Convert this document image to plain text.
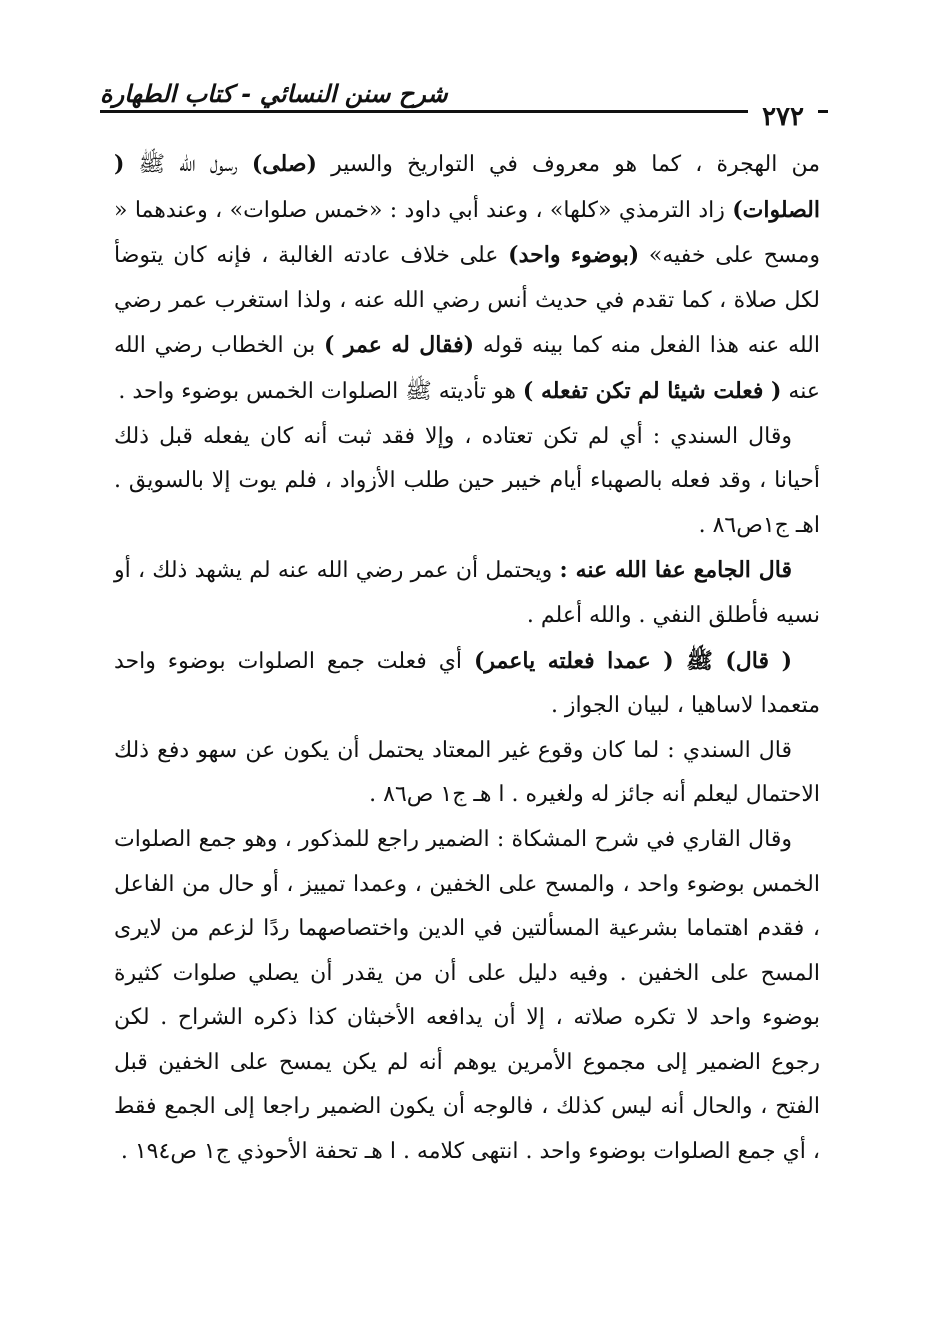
شرح سنن النسائي - كتاب الطهارة
٢٧٢

من الهجرة ، كما هو معروف في التواريخ والسير (صلى) رسول الله ﷺ ( الصلوات) زاد الترمذي «كلها» ، وعند أبي داود : «خمس صلوات» ، وعندهما « ومسح على خفيه» (بوضوء واحد) على خلاف عادته الغالبة ، فإنه كان يتوضأ لكل صلاة ، كما تقدم في حديث أنس رضي الله عنه ، ولذا استغرب عمر رضي الله عنه هذا الفعل منه كما بينه قوله (فقال له عمر ) بن الخطاب رضي الله عنه ( فعلت شيئا لم تكن تفعله ) هو تأديته ﷺ الصلوات الخمس بوضوء واحد .

وقال السندي : أي لم تكن تعتاده ، وإلا فقد ثبت أنه كان يفعله قبل ذلك أحيانا ، وقد فعله بالصهباء أيام خيبر حين طلب الأزواد ، فلم يوت إلا بالسويق . اهـ ج١ص٨٦ .

قال الجامع عفا الله عنه : ويحتمل أن عمر رضي الله عنه لم يشهد ذلك ، أو نسيه فأطلق النفي . والله أعلم .

( قال) ﷺ ( عمدا فعلته ياعمر) أي فعلت جمع الصلوات بوضوء واحد متعمدا لاساهيا ، لبيان الجواز .

قال السندي : لما كان وقوع غير المعتاد يحتمل أن يكون عن سهو دفع ذلك الاحتمال ليعلم أنه جائز له ولغيره . ا هـ ج١ ص٨٦ .

وقال القاري في شرح المشكاة : الضمير راجع للمذكور ، وهو جمع الصلوات الخمس بوضوء واحد ، والمسح على الخفين ، وعمدا تمييز ، أو حال من الفاعل ، فقدم اهتماما بشرعية المسألتين في الدين واختصاصهما ردًا لزعم من لايرى المسح على الخفين . وفيه دليل على أن من يقدر أن يصلي صلوات كثيرة بوضوء واحد لا تكره صلاته ، إلا أن يدافعه الأخبثان كذا ذكره الشراح . لكن رجوع الضمير إلى مجموع الأمرين يوهم أنه لم يكن يمسح على الخفين قبل الفتح ، والحال أنه ليس كذلك ، فالوجه أن يكون الضمير راجعا إلى الجمع فقط ، أي جمع الصلوات بوضوء واحد . انتهى كلامه . ا هـ تحفة الأحوذي ج١ ص١٩٤ .
